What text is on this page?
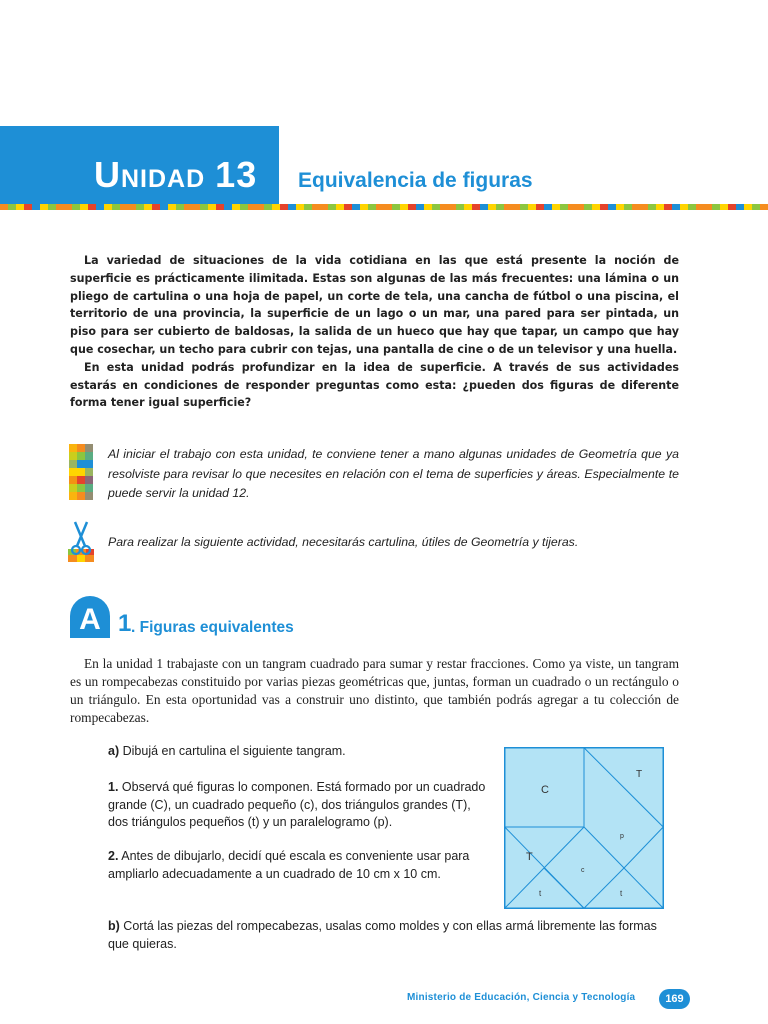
UNIDAD 13 Equivalencia de figuras

La variedad de situaciones de la vida cotidiana en las que está presente la noción de superficie es prácticamente ilimitada. Estas son algunas de las más frecuentes: una lámina o un pliego de cartulina o una hoja de papel, un corte de tela, una cancha de fútbol o una piscina, el territorio de una provincia, la superficie de un lago o un mar, una pared para ser pintada, un piso para ser cubierto de baldosas, la salida de un hueco que hay que tapar, un campo que hay que cosechar, un techo para cubrir con tejas, una pantalla de cine o de un televisor y una huella.

En esta unidad podrás profundizar en la idea de superficie. A través de sus actividades estarás en condiciones de responder preguntas como esta: ¿pueden dos figuras de diferente forma tener igual superficie?

Al iniciar el trabajo con esta unidad, te conviene tener a mano algunas unidades de Geometría que ya resolviste para revisar lo que necesites en relación con el tema de superficies y áreas. Especialmente te puede servir la unidad 12.
Para realizar la siguiente actividad, necesitarás cartulina, útiles de Geometría y tijeras.
A 1 . Figuras equivalentes

En la unidad 1 trabajaste con un tangram cuadrado para sumar y restar fracciones. Como ya viste, un tangram es un rompecabezas constituido por varias piezas geométricas que, juntas, forman un cuadrado o un rectángulo o un triángulo. En esta oportunidad vas a construir uno distinto, que también podrás agregar a tu colección de rompecabezas.

a) Dibujá en cartulina el siguiente tangram.
1. Observá qué figuras lo componen. Está formado por un cuadrado grande (C), un cuadrado pequeño (c), dos triángulos grandes (T), dos triángulos pequeños (t) y un paralelogramo (p).
2. Antes de dibujarlo, decidí qué escala es conveniente usar para ampliarlo adecuadamente a un cuadrado de 10 cm x 10 cm.
C
T
p
T
c
t	t
b) Cortá las piezas del rompecabezas, usalas como moldes y con ellas armá libremente las formas que quieras.
Ministerio de Educación, Ciencia y Tecnología	169
